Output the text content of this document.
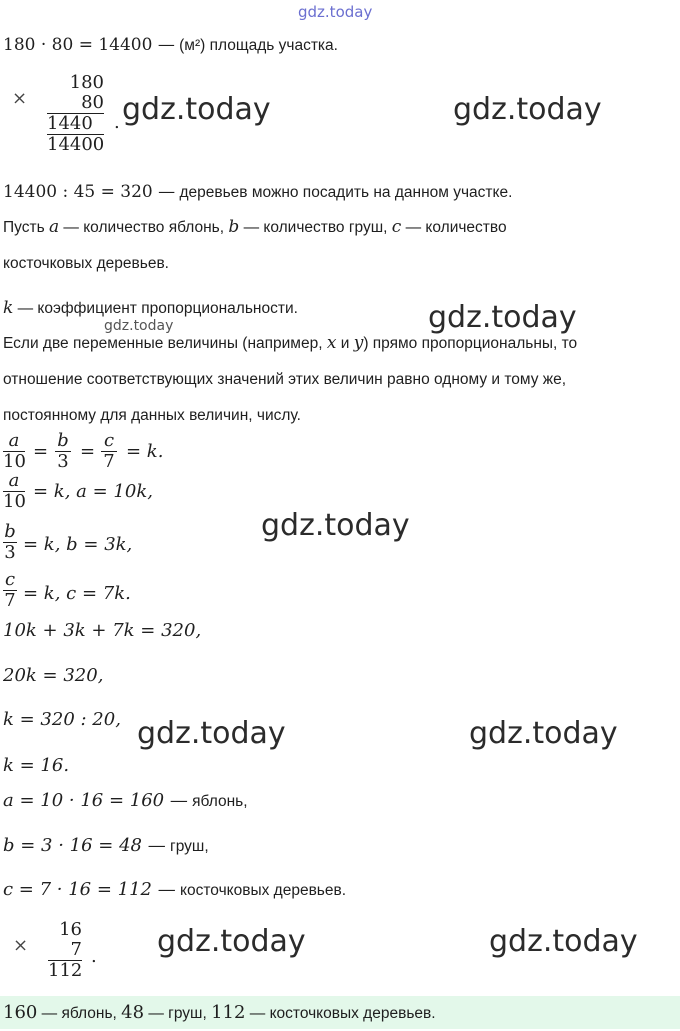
gdz.today
gdz.today	gdz.today
gdz.today
gdz.today
gdz.today
gdz.today	gdz.today
gdz.today	gdz.today
180 · 80 = 14400 — (м²) площадь участка.
×
180
80
1440
14400
.
14400 : 45 = 320 — деревьев можно посадить на данном участке.
Пусть a — количество яблонь, b — количество груш, c — количество
косточковых деревьев.
k — коэффициент пропорциональности.
Если две переменные величины (например, x и y) прямо пропорциональны, то
отношение соответствующих значений этих величин равно одному и тому же,
постоянному для данных величин, числу.
$\frac{a}{10} = \frac{b}{3} = \frac{c}{7} = k$.
$\frac{a}{10} = k$, a = 10k,
$\frac{b}{3} = k$, b = 3k,
$\frac{c}{7} = k$, c = 7k.
10k + 3k + 7k = 320,
20k = 320,
k = 320 : 20,
k = 16.
a = 10 · 16 = 160 — яблонь,
b = 3 · 16 = 48 — груш,
c = 7 · 16 = 112 — косточковых деревьев.
×
16
7
112
.
160 — яблонь, 48 — груш, 112 — косточковых деревьев.
